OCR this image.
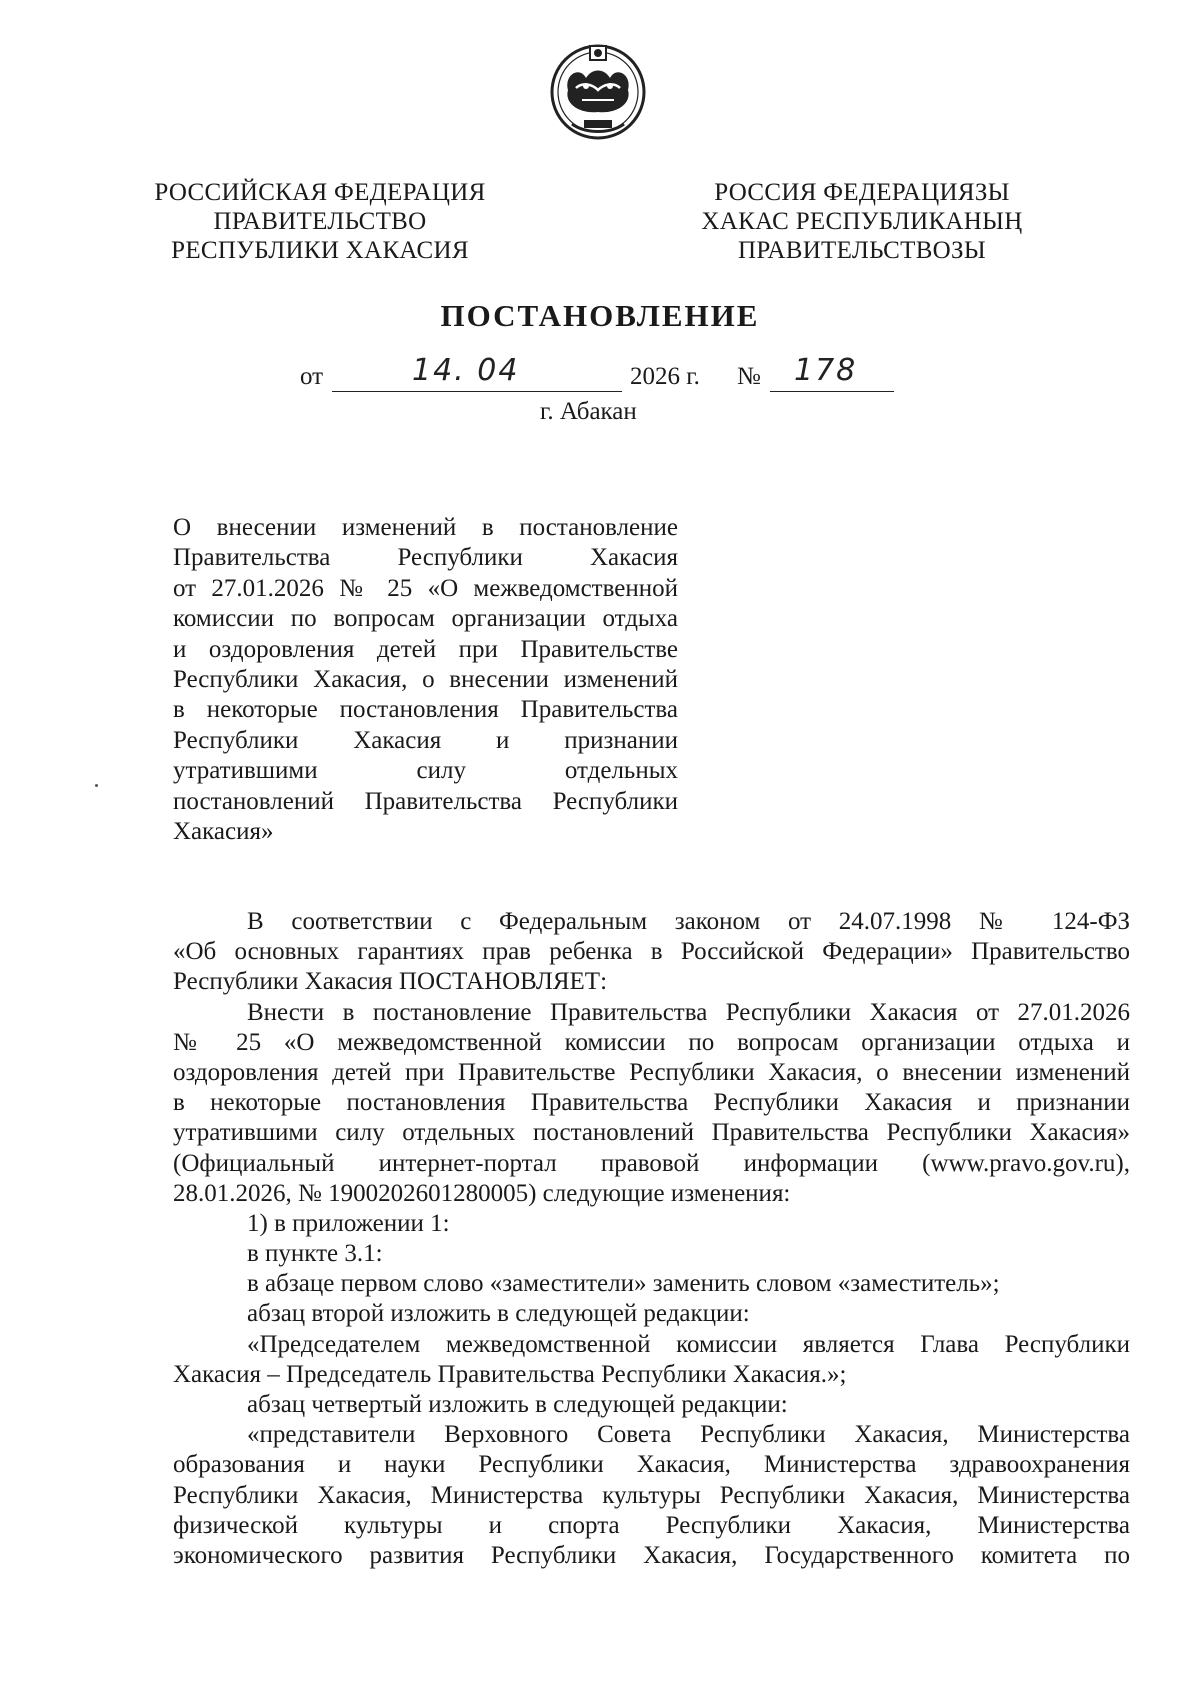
РОССИЙСКАЯ ФЕДЕРАЦИЯ
ПРАВИТЕЛЬСТВО
РЕСПУБЛИКИ ХАКАСИЯ
РОССИЯ ФЕДЕРАЦИЯЗЫ
ХАКАС РЕСПУБЛИКАНЫҢ
ПРАВИТЕЛЬСТВОЗЫ
ПОСТАНОВЛЕНИЕ
от	14. 04	2026 г. № 178
г. Абакан
О внесении изменений в постановление
Правительства Республики Хакасия
от 27.01.2026 № 25 «О межведомственной
комиссии по вопросам организации отдыха
и оздоровления детей при Правительстве
Республики Хакасия, о внесении изменений
в некоторые постановления Правительства
Республики Хакасия и признании
утратившими силу отдельных
постановлений Правительства Республики
Хакасия»
В соответствии с Федеральным законом от 24.07.1998 № 124-ФЗ
«Об основных гарантиях прав ребенка в Российской Федерации» Правительство
Республики Хакасия ПОСТАНОВЛЯЕТ:
Внести в постановление Правительства Республики Хакасия от 27.01.2026
№ 25 «О межведомственной комиссии по вопросам организации отдыха и
оздоровления детей при Правительстве Республики Хакасия, о внесении изменений
в некоторые постановления Правительства Республики Хакасия и признании
утратившими силу отдельных постановлений Правительства Республики Хакасия»
(Официальный интернет-портал правовой информации (www.pravo.gov.ru),
28.01.2026, № 1900202601280005) следующие изменения:
1) в приложении 1:
в пункте 3.1:
в абзаце первом слово «заместители» заменить словом «заместитель»;
абзац второй изложить в следующей редакции:
«Председателем межведомственной комиссии является Глава Республики
Хакасия – Председатель Правительства Республики Хакасия.»;
абзац четвертый изложить в следующей редакции:
«представители Верховного Совета Республики Хакасия, Министерства
образования и науки Республики Хакасия, Министерства здравоохранения
Республики Хакасия, Министерства культуры Республики Хакасия, Министерства
физической культуры и спорта Республики Хакасия, Министерства
экономического развития Республики Хакасия, Государственного комитета по
